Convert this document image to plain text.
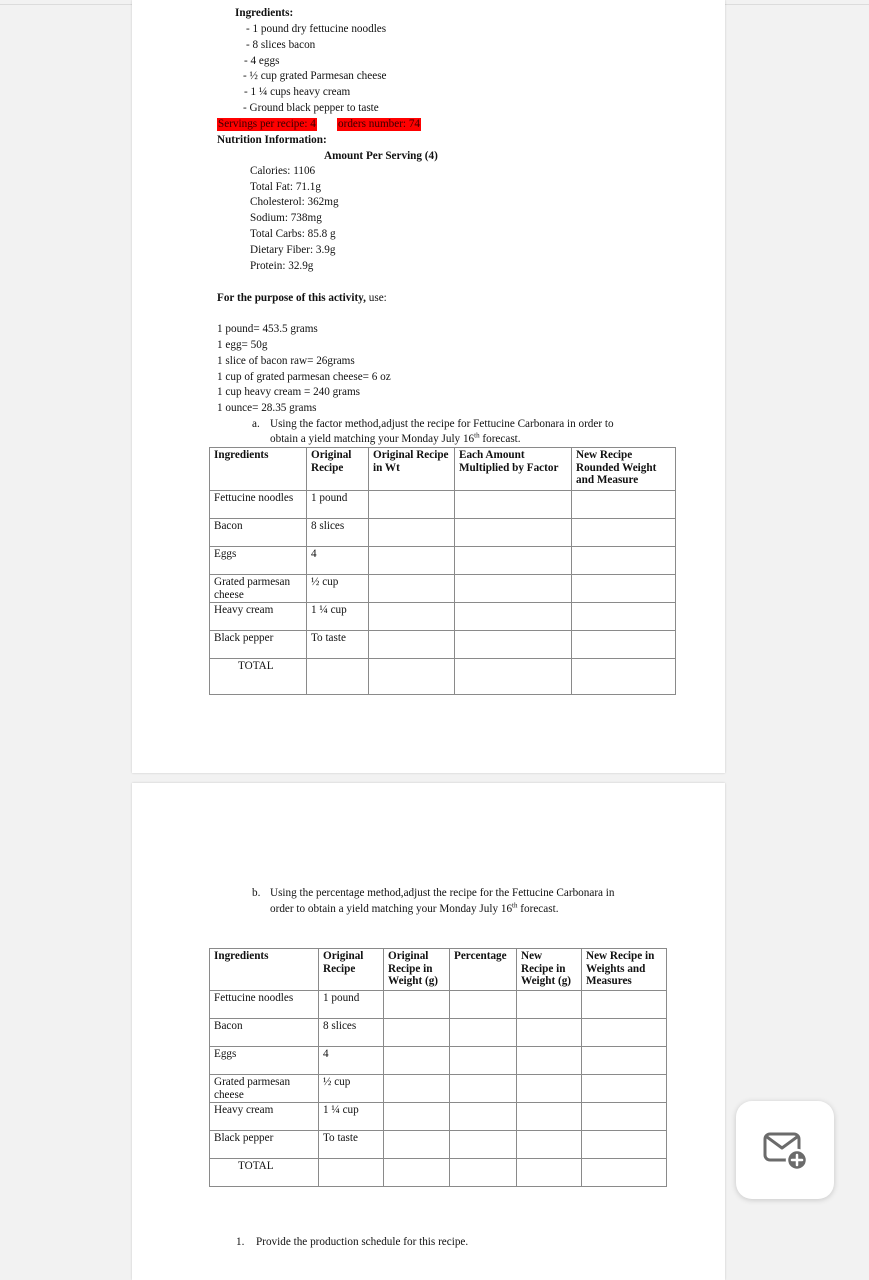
Ingredients:
- 1 pound dry fettucine noodles
- 8 slices bacon
- 4 eggs
- ½ cup grated Parmesan cheese
- 1 ¼ cups heavy cream
- Ground black pepper to taste
Servings per recipe: 4 orders number: 74
Nutrition Information:
Amount Per Serving (4)
Calories: 1106
Total Fat: 71.1g
Cholesterol: 362mg
Sodium: 738mg
Total Carbs: 85.8 g
Dietary Fiber: 3.9g
Protein: 32.9g
For the purpose of this activity, use:
1 pound= 453.5 grams
1 egg= 50g
1 slice of bacon raw= 26grams
1 cup of grated parmesan cheese= 6 oz
1 cup heavy cream = 240 grams
1 ounce= 28.35 grams
a. Using the factor method,adjust the recipe for Fettucine Carbonara in order to
obtain a yield matching your Monday July 16th forecast.
Ingredients	Original Recipe	Original Recipe in Wt	Each Amount Multiplied by Factor	New Recipe Rounded Weight and Measure
Fettucine noodles	1 pound			
Bacon	8 slices			
Eggs	4			
Grated parmesan cheese	½ cup			
Heavy cream	1 ¼ cup			
Black pepper	To taste			
TOTAL				
b. Using the percentage method,adjust the recipe for the Fettucine Carbonara in
order to obtain a yield matching your Monday July 16th forecast.
Ingredients	Original Recipe	Original Recipe in Weight (g)	Percentage	New Recipe in Weight (g)	New Recipe in Weights and Measures
Fettucine noodles	1 pound				
Bacon	8 slices				
Eggs	4				
Grated parmesan cheese	½ cup				
Heavy cream	1 ¼ cup				
Black pepper	To taste				
TOTAL					
1. Provide the production schedule for this recipe.
